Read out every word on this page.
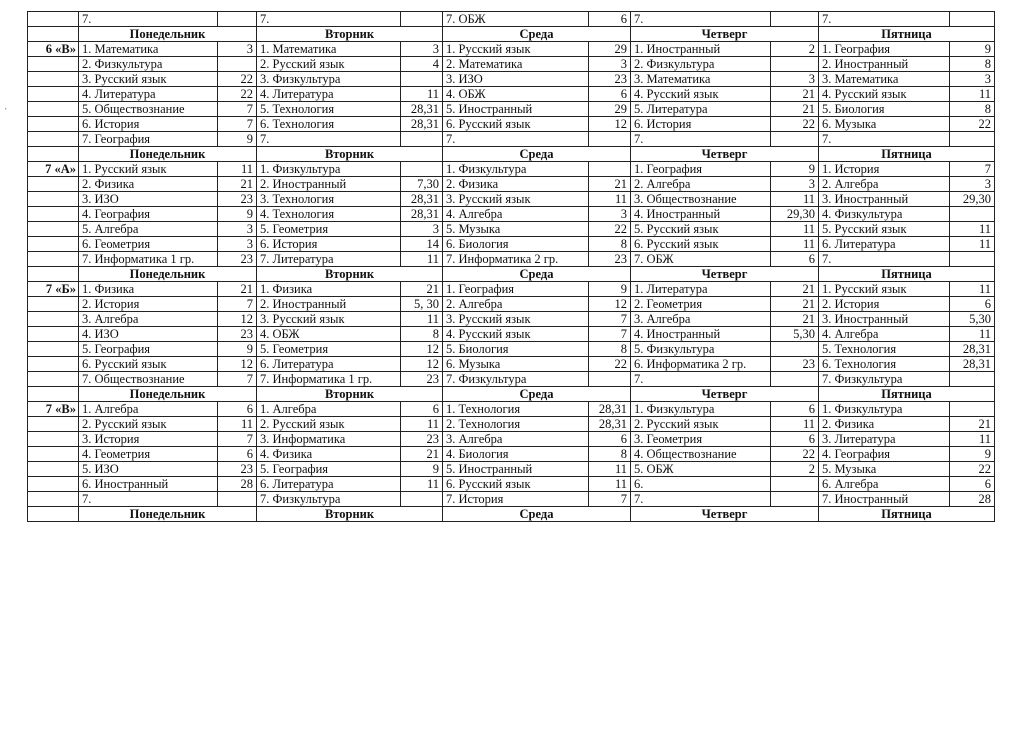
	7.		7.		7. ОБЖ	6	7.		7.	
	Понедельник		Вторник		Среда		Четверг		Пятница	
6 «В»	1. Математика	3	1. Математика	3	1. Русский язык	29	1. Иностранный	2	1. География	9
	2. Физкультура		2. Русский язык	4	2. Математика	3	2. Физкультура		2. Иностранный	8
	3. Русский язык	22	3. Физкультура		3. ИЗО	23	3. Математика	3	3. Математика	3
	4. Литература	22	4. Литература	11	4. ОБЖ	6	4. Русский язык	21	4. Русский язык	11
	5. Обществознание	7	5. Технология	28,31	5. Иностранный	29	5. Литература	21	5. Биология	8
	6. История	7	6. Технология	28,31	6. Русский язык	12	6. История	22	6. Музыка	22
	7. География	9	7.		7.		7.		7.	
	Понедельник		Вторник		Среда		Четверг		Пятница	
7 «А»	1. Русский язык	11	1. Физкультура		1. Физкультура		1. География	9	1. История	7
	2. Физика	21	2. Иностранный	7,30	2. Физика	21	2. Алгебра	3	2. Алгебра	3
	3. ИЗО	23	3. Технология	28,31	3. Русский язык	11	3. Обществознание	11	3. Иностранный	29,30
	4. География	9	4. Технология	28,31	4. Алгебра	3	4. Иностранный	29,30	4. Физкультура	
	5. Алгебра	3	5. Геометрия	3	5. Музыка	22	5. Русский язык	11	5. Русский язык	11
	6. Геометрия	3	6. История	14	6. Биология	8	6. Русский язык	11	6. Литература	11
	7. Информатика 1 гр.	23	7. Литература	11	7. Информатика 2 гр.	23	7. ОБЖ	6	7.	
	Понедельник		Вторник		Среда		Четверг		Пятница	
7 «Б»	1. Физика	21	1. Физика	21	1. География	9	1. Литература	21	1. Русский язык	11
	2. История	7	2. Иностранный	5, 30	2. Алгебра	12	2. Геометрия	21	2. История	6
	3. Алгебра	12	3. Русский язык	11	3. Русский язык	7	3. Алгебра	21	3. Иностранный	5,30
	4. ИЗО	23	4. ОБЖ	8	4. Русский язык	7	4. Иностранный	5,30	4. Алгебра	11
	5. География	9	5. Геометрия	12	5. Биология	8	5. Физкультура		5. Технология	28,31
	6. Русский язык	12	6. Литература	12	6. Музыка	22	6. Информатика 2 гр.	23	6. Технология	28,31
	7. Обществознание	7	7. Информатика 1 гр.	23	7. Физкультура		7.		7. Физкультура	
	Понедельник		Вторник		Среда		Четверг		Пятница	
7 «В»	1. Алгебра	6	1. Алгебра	6	1. Технология	28,31	1. Физкультура	6	1. Физкультура	
	2. Русский язык	11	2. Русский язык	11	2. Технология	28,31	2. Русский язык	11	2. Физика	21
	3. История	7	3. Информатика	23	3. Алгебра	6	3. Геометрия	6	3. Литература	11
	4. Геометрия	6	4. Физика	21	4. Биология	8	4. Обществознание	22	4. География	9
	5. ИЗО	23	5. География	9	5. Иностранный	11	5. ОБЖ	2	5. Музыка	22
	6. Иностранный	28	6. Литература	11	6. Русский язык	11	6.		6. Алгебра	6
	7.		7. Физкультура		7. История	7	7.		7. Иностранный	28
	Понедельник		Вторник		Среда		Четверг		Пятница	
ˌ
